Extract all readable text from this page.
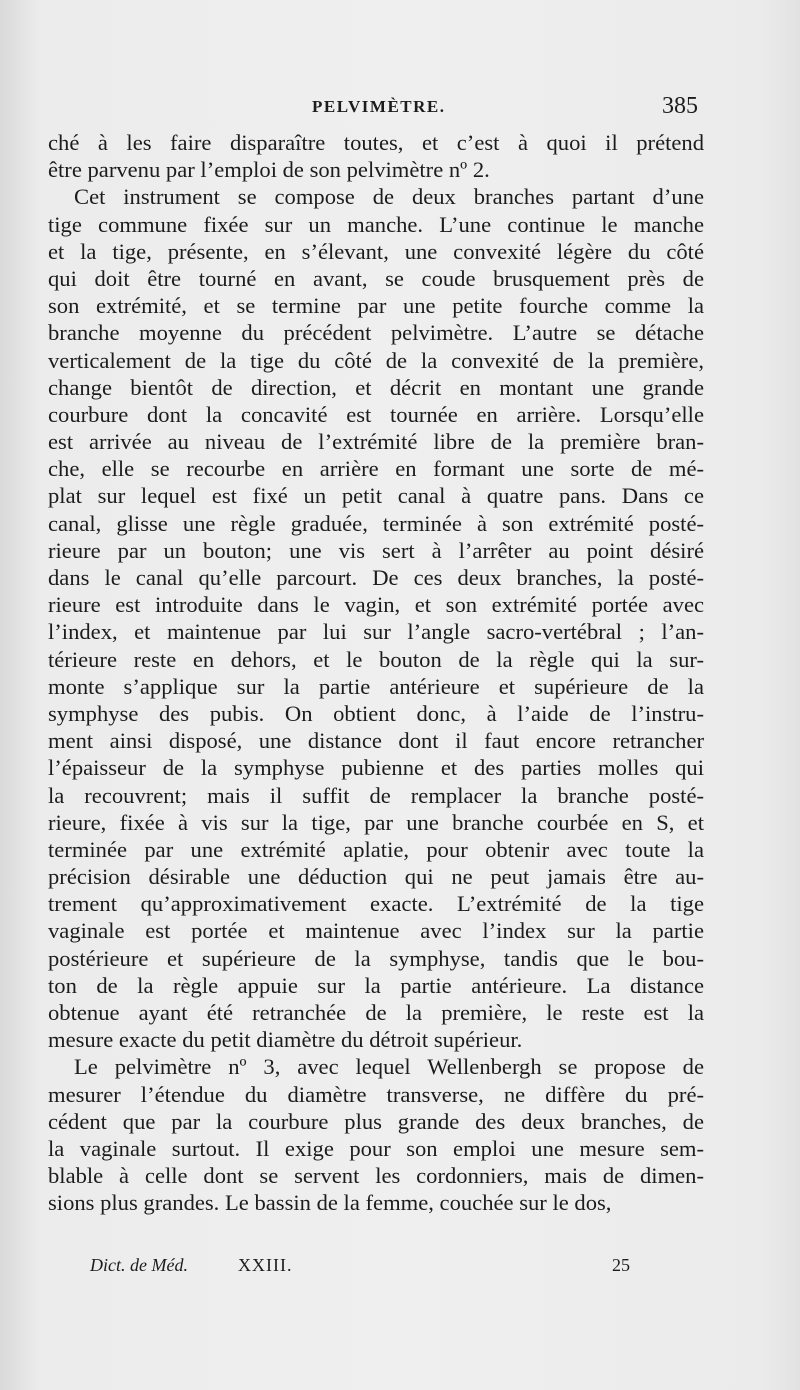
PELVIMÈTRE.	385
ché à les faire disparaître toutes, et c’est à quoi il prétend
être parvenu par l’emploi de son pelvimètre nº 2.
Cet instrument se compose de deux branches partant d’une
tige commune fixée sur un manche. L’une continue le manche
et la tige, présente, en s’élevant, une convexité légère du côté
qui doit être tourné en avant, se coude brusquement près de
son extrémité, et se termine par une petite fourche comme la
branche moyenne du précédent pelvimètre. L’autre se détache
verticalement de la tige du côté de la convexité de la première,
change bientôt de direction, et décrit en montant une grande
courbure dont la concavité est tournée en arrière. Lorsqu’elle
est arrivée au niveau de l’extrémité libre de la première bran-
che, elle se recourbe en arrière en formant une sorte de mé-
plat sur lequel est fixé un petit canal à quatre pans. Dans ce
canal, glisse une règle graduée, terminée à son extrémité posté-
rieure par un bouton; une vis sert à l’arrêter au point désiré
dans le canal qu’elle parcourt. De ces deux branches, la posté-
rieure est introduite dans le vagin, et son extrémité portée avec
l’index, et maintenue par lui sur l’angle sacro-vertébral ; l’an-
térieure reste en dehors, et le bouton de la règle qui la sur-
monte s’applique sur la partie antérieure et supérieure de la
symphyse des pubis. On obtient donc, à l’aide de l’instru-
ment ainsi disposé, une distance dont il faut encore retrancher
l’épaisseur de la symphyse pubienne et des parties molles qui
la recouvrent; mais il suffit de remplacer la branche posté-
rieure, fixée à vis sur la tige, par une branche courbée en S, et
terminée par une extrémité aplatie, pour obtenir avec toute la
précision désirable une déduction qui ne peut jamais être au-
trement qu’approximativement exacte. L’extrémité de la tige
vaginale est portée et maintenue avec l’index sur la partie
postérieure et supérieure de la symphyse, tandis que le bou-
ton de la règle appuie sur la partie antérieure. La distance
obtenue ayant été retranchée de la première, le reste est la
mesure exacte du petit diamètre du détroit supérieur.
Le pelvimètre nº 3, avec lequel Wellenbergh se propose de
mesurer l’étendue du diamètre transverse, ne diffère du pré-
cédent que par la courbure plus grande des deux branches, de
la vaginale surtout. Il exige pour son emploi une mesure sem-
blable à celle dont se servent les cordonniers, mais de dimen-
sions plus grandes. Le bassin de la femme, couchée sur le dos,
Dict. de Méd.	XXIII.	25
